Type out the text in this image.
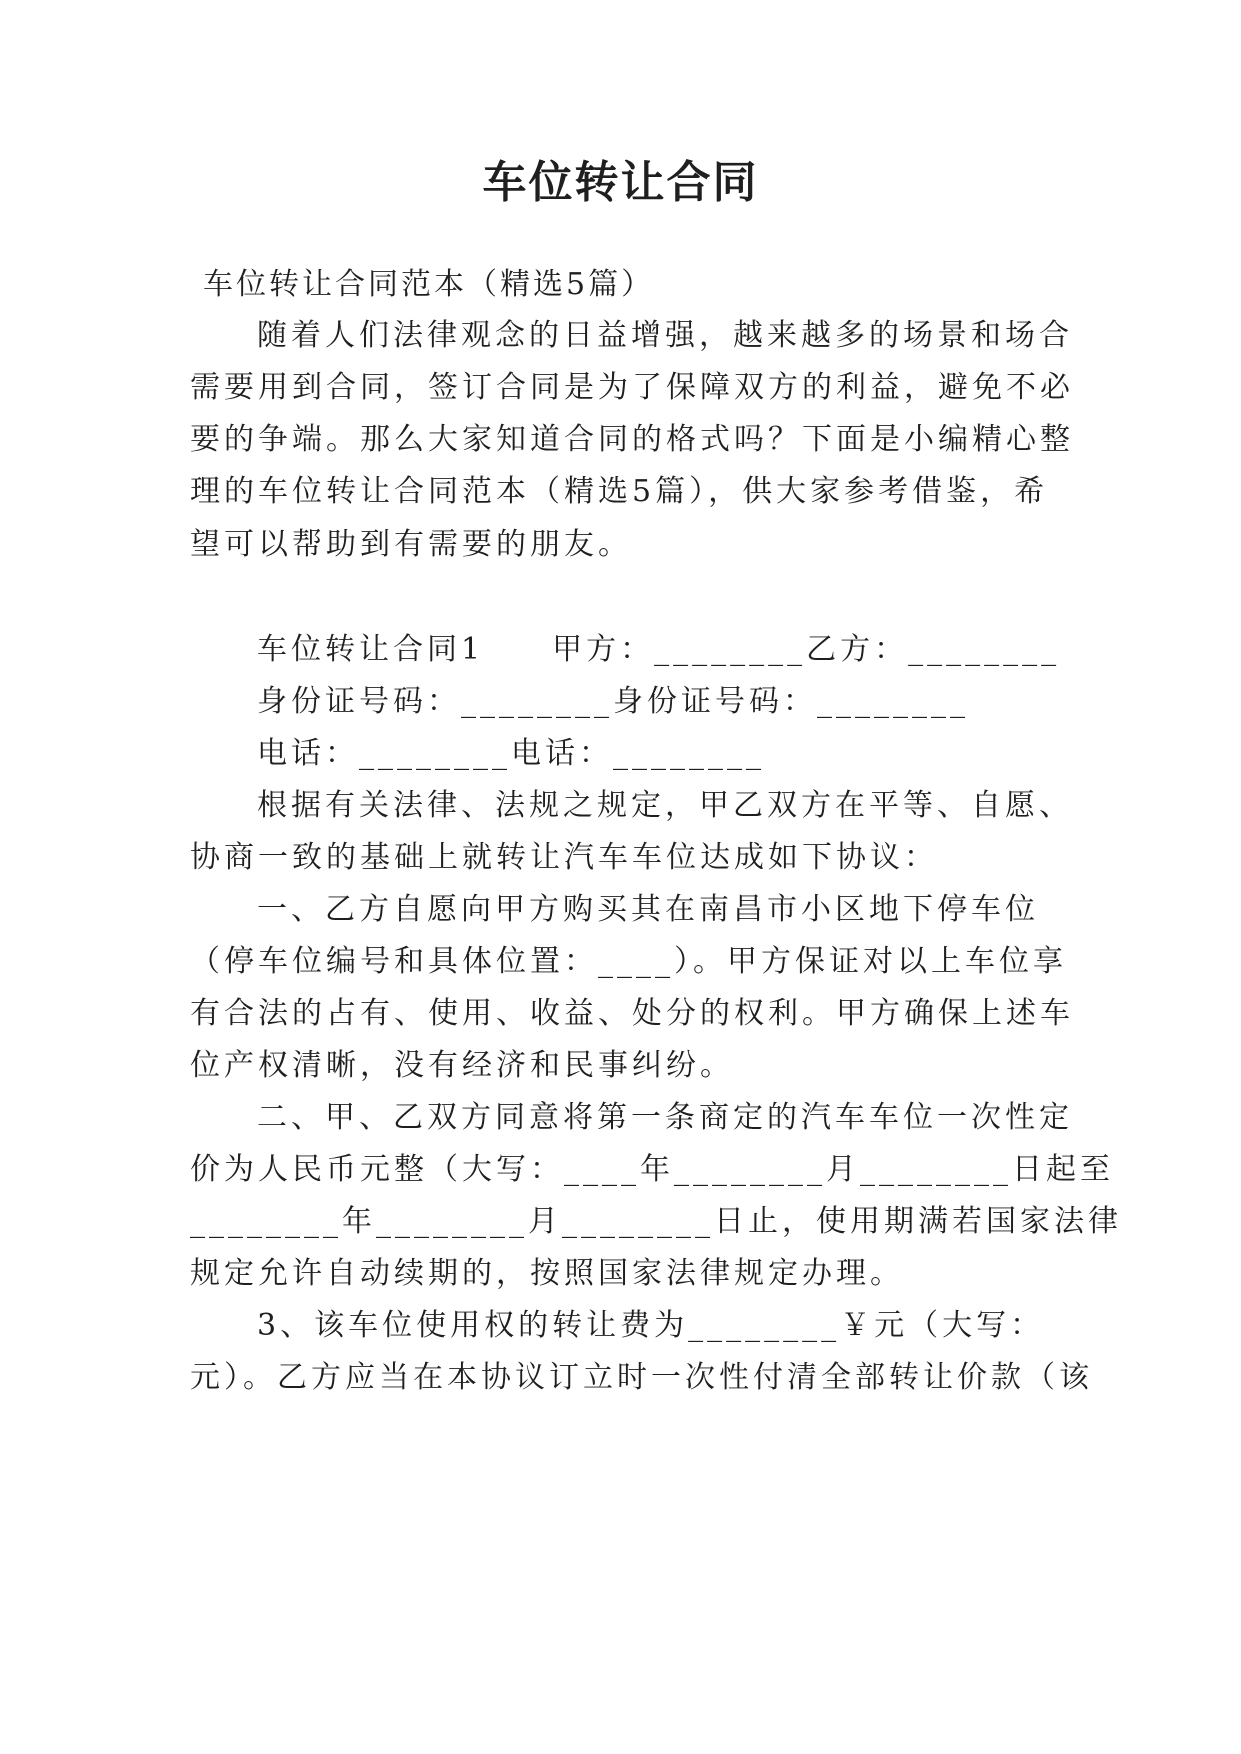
车位转让合同
车位转让合同范本（精选5篇）
随着人们法律观念的日益增强，越来越多的场景和场合
需要用到合同，签订合同是为了保障双方的利益，避免不必
要的争端。那么大家知道合同的格式吗？下面是小编精心整
理的车位转让合同范本（精选5篇），供大家参考借鉴，希
望可以帮助到有需要的朋友。
车位转让合同1　　甲方：________乙方：________
身份证号码：________身份证号码：________
电话：________电话：________
根据有关法律、法规之规定，甲乙双方在平等、自愿、
协商一致的基础上就转让汽车车位达成如下协议：
一、乙方自愿向甲方购买其在南昌市小区地下停车位
（停车位编号和具体位置：____）。甲方保证对以上车位享
有合法的占有、使用、收益、处分的权利。甲方确保上述车
位产权清晰，没有经济和民事纠纷。
二、甲、乙双方同意将第一条商定的汽车车位一次性定
价为人民币元整（大写：____年________月________日起至
________年________月________日止，使用期满若国家法律
规定允许自动续期的，按照国家法律规定办理。
3、该车位使用权的转让费为________￥元（大写：
元）。乙方应当在本协议订立时一次性付清全部转让价款（该
